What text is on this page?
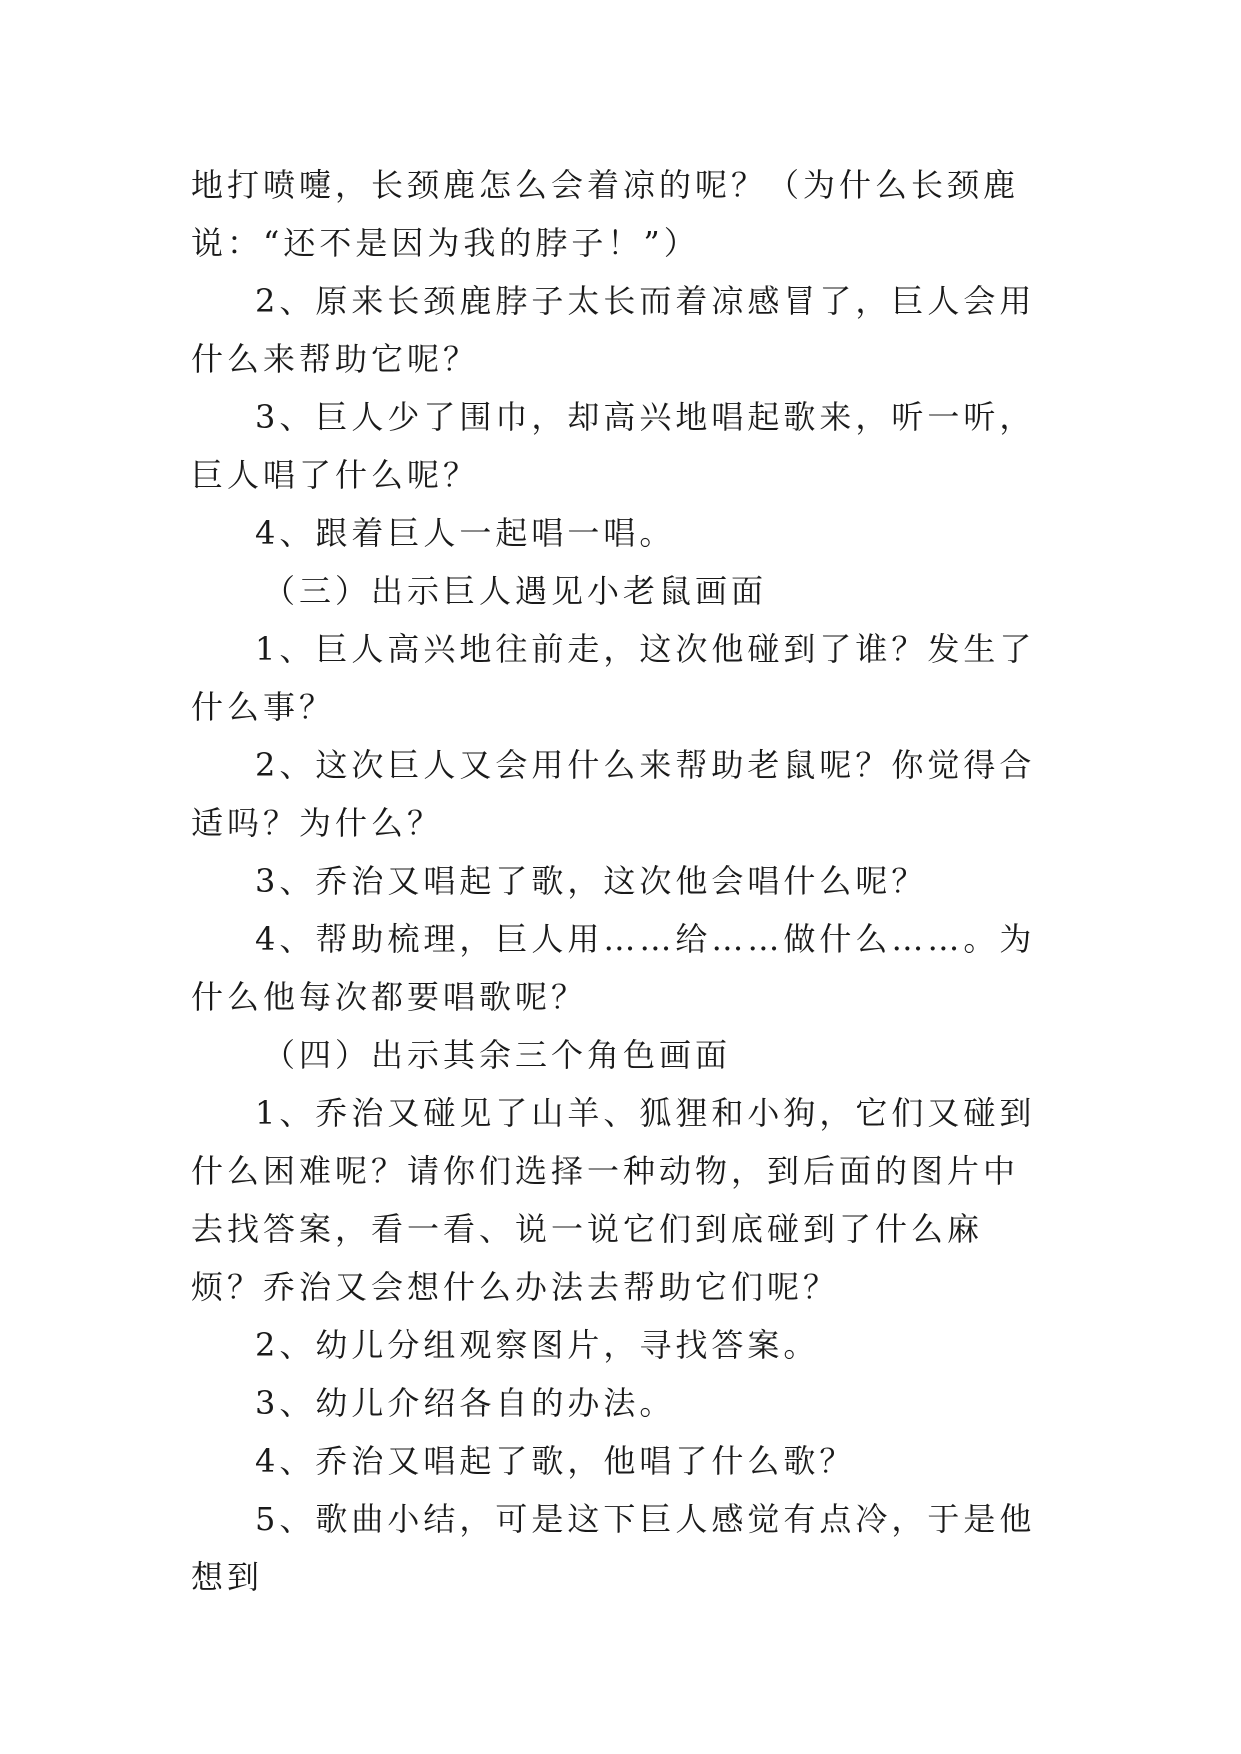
地打喷嚏，长颈鹿怎么会着凉的呢？（为什么长颈鹿说：“还不是因为我的脖子！”）

2、原来长颈鹿脖子太长而着凉感冒了，巨人会用什么来帮助它呢？

3、巨人少了围巾，却高兴地唱起歌来，听一听，巨人唱了什么呢？

4、跟着巨人一起唱一唱。

（三）出示巨人遇见小老鼠画面

1、巨人高兴地往前走，这次他碰到了谁？发生了什么事？

2、这次巨人又会用什么来帮助老鼠呢？你觉得合适吗？为什么？

3、乔治又唱起了歌，这次他会唱什么呢？

4、帮助梳理，巨人用……给……做什么……。为什么他每次都要唱歌呢？

（四）出示其余三个角色画面

1、乔治又碰见了山羊、狐狸和小狗，它们又碰到什么困难呢？请你们选择一种动物，到后面的图片中去找答案，看一看、说一说它们到底碰到了什么麻烦？乔治又会想什么办法去帮助它们呢？

2、幼儿分组观察图片，寻找答案。

3、幼儿介绍各自的办法。

4、乔治又唱起了歌，他唱了什么歌？

5、歌曲小结，可是这下巨人感觉有点冷，于是他想到
